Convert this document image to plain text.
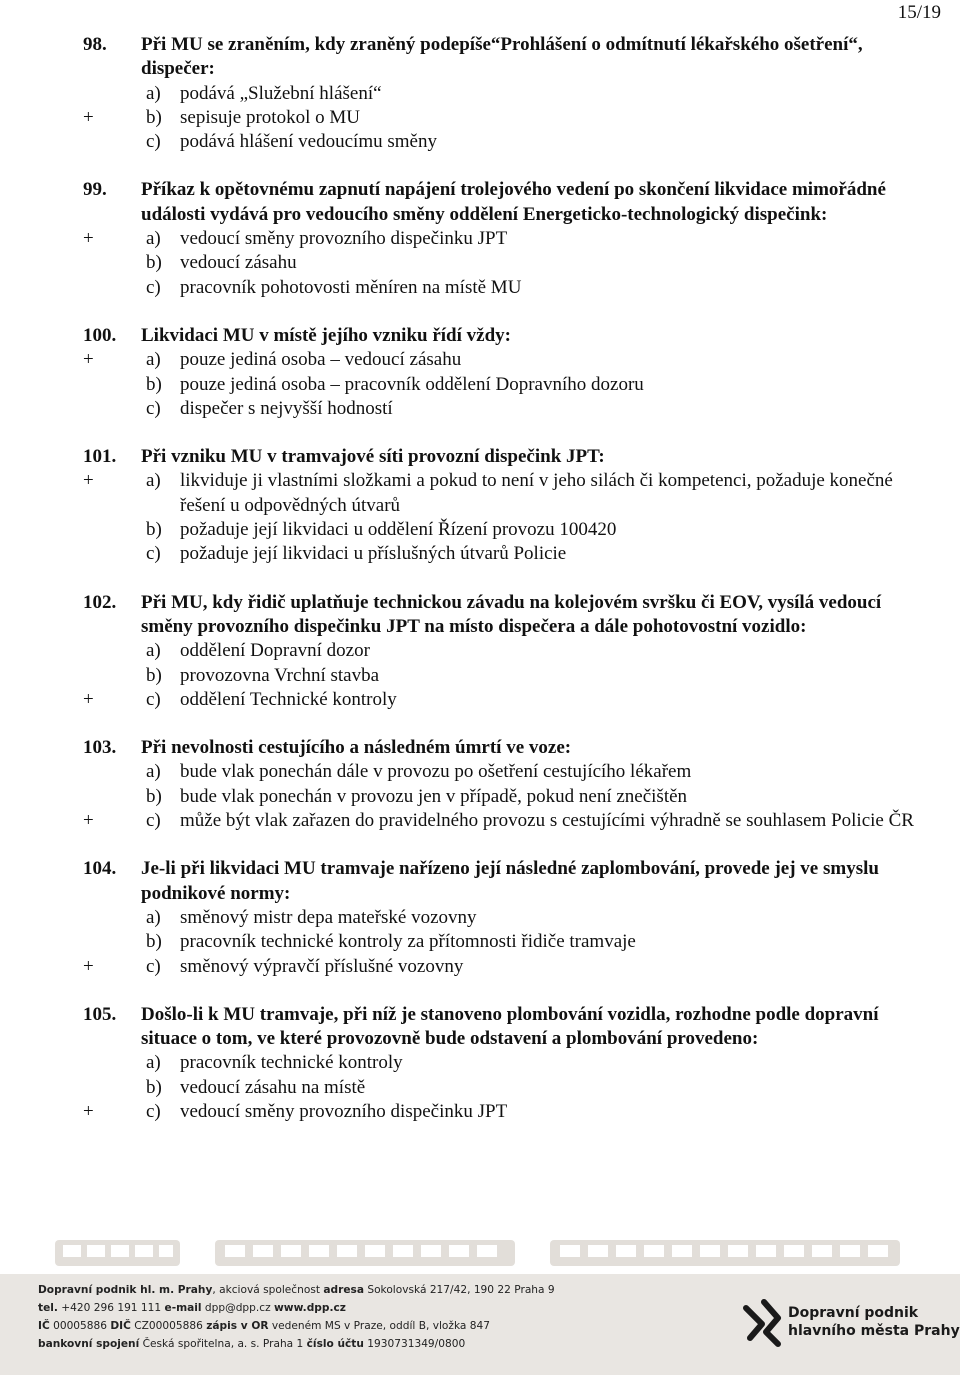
15/19
98. Při MU se zraněním, kdy zraněný podepíše“Prohlášení o odmítnutí lékařského ošetření“, dispečer:
a) podává „Služební hlášení“
+	b) sepisuje protokol o MU
c) podává hlášení vedoucímu směny
99. Příkaz k opětovnému zapnutí napájení trolejového vedení po skončení likvidace mimořádné události vydává pro vedoucího směny oddělení Energeticko-technologický dispečink:
+	a) vedoucí směny provozního dispečinku JPT
b) vedoucí zásahu
c) pracovník pohotovosti měníren na místě MU
100. Likvidaci MU v místě jejího vzniku řídí vždy:
+	a) pouze jediná osoba – vedoucí zásahu
b) pouze jediná osoba – pracovník oddělení Dopravního dozoru
c) dispečer s nejvyšší hodností
101. Při vzniku MU v tramvajové síti provozní dispečink JPT:
+	a) likviduje ji vlastními složkami a pokud to není v jeho silách či kompetenci, požaduje konečné řešení u odpovědných útvarů
b) požaduje její likvidaci u oddělení Řízení provozu 100420
c) požaduje její likvidaci u příslušných útvarů Policie
102. Při MU, kdy řidič uplatňuje technickou závadu na kolejovém svršku či EOV, vysílá vedoucí směny provozního dispečinku JPT na místo dispečera a dále pohotovostní vozidlo:
a) oddělení Dopravní dozor
b) provozovna Vrchní stavba
+	c) oddělení Technické kontroly
103. Při nevolnosti cestujícího a následném úmrtí ve voze:
a) bude vlak ponechán dále v provozu po ošetření cestujícího lékařem
b) bude vlak ponechán v provozu jen v případě, pokud není znečištěn
+	c) může být vlak zařazen do pravidelného provozu s cestujícími výhradně se souhlasem Policie ČR
104. Je-li při likvidaci MU tramvaje nařízeno její následné zaplombování, provede jej ve smyslu podnikové normy:
a) směnový mistr depa mateřské vozovny
b) pracovník technické kontroly za přítomnosti řidiče tramvaje
+	c) směnový výpravčí příslušné vozovny
105. Došlo-li k MU tramvaje, při níž je stanoveno plombování vozidla, rozhodne podle dopravní situace o tom, ve které provozovně bude odstavení a plombování provedeno:
a) pracovník technické kontroly
b) vedoucí zásahu na místě
+	c) vedoucí směny provozního dispečinku JPT
Dopravní podnik hl. m. Prahy, akciová společnost adresa Sokolovská 217/42, 190 22 Praha 9
tel. +420 296 191 111 e-mail dpp@dpp.cz www.dpp.cz
IČ 00005886 DIČ CZ00005886 zápis v OR vedeném MS v Praze, oddíl B, vložka 847
bankovní spojení Česká spořitelna, a. s. Praha 1 číslo účtu 1930731349/0800
Dopravní podnik
hlavního města Prahy
